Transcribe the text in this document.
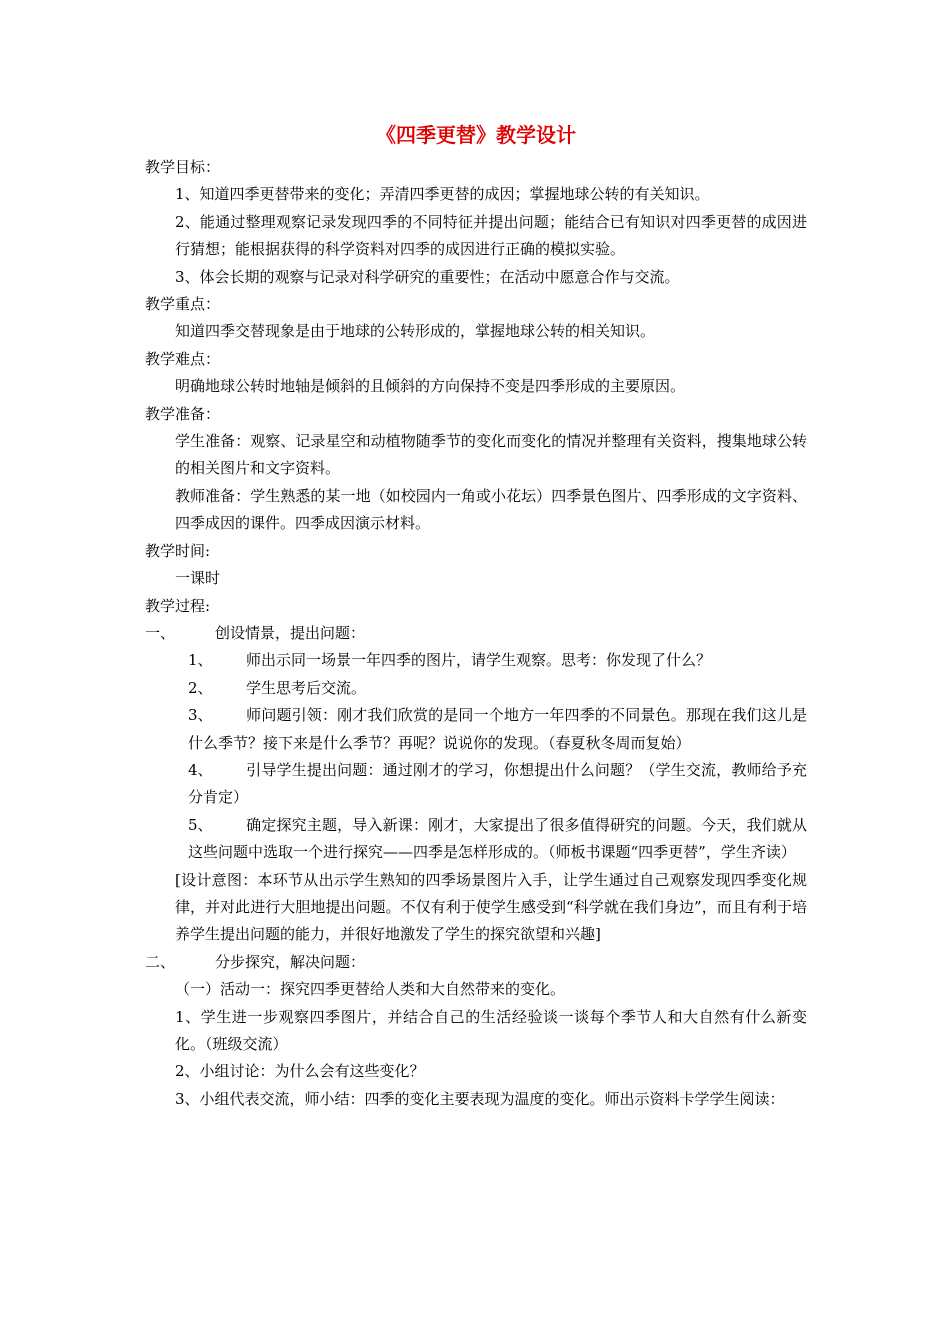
《四季更替》教学设计

教学目标：

1、知道四季更替带来的变化；弄清四季更替的成因；掌握地球公转的有关知识。

2、能通过整理观察记录发现四季的不同特征并提出问题；能结合已有知识对四季更替的成因进行猜想；能根据获得的科学资料对四季的成因进行正确的模拟实验。

3、体会长期的观察与记录对科学研究的重要性；在活动中愿意合作与交流。

教学重点：

知道四季交替现象是由于地球的公转形成的，掌握地球公转的相关知识。

教学难点：

明确地球公转时地轴是倾斜的且倾斜的方向保持不变是四季形成的主要原因。

教学准备：

学生准备：观察、记录星空和动植物随季节的变化而变化的情况并整理有关资料，搜集地球公转的相关图片和文字资料。

教师准备：学生熟悉的某一地（如校园内一角或小花坛）四季景色图片、四季形成的文字资料、四季成因的课件。四季成因演示材料。

教学时间:

一课时

教学过程:

一、	创设情景，提出问题：

1、 师出示同一场景一年四季的图片，请学生观察。思考：你发现了什么？

2、 学生思考后交流。

3、 师问题引领：刚才我们欣赏的是同一个地方一年四季的不同景色。那现在我们这儿是什么季节？接下来是什么季节？再呢？说说你的发现。（春夏秋冬周而复始）

4、 引导学生提出问题：通过刚才的学习，你想提出什么问题？（学生交流，教师给予充分肯定）

5、 确定探究主题，导入新课：刚才，大家提出了很多值得研究的问题。今天，我们就从这些问题中选取一个进行探究——四季是怎样形成的。（师板书课题“四季更替”，学生齐读）

[设计意图：本环节从出示学生熟知的四季场景图片入手，让学生通过自己观察发现四季变化规律，并对此进行大胆地提出问题。不仅有利于使学生感受到“科学就在我们身边”，而且有利于培养学生提出问题的能力，并很好地激发了学生的探究欲望和兴趣]

二、	分步探究，解决问题：

（一）活动一：探究四季更替给人类和大自然带来的变化。

1、学生进一步观察四季图片，并结合自己的生活经验谈一谈每个季节人和大自然有什么新变化。（班级交流）

2、小组讨论：为什么会有这些变化？

3、小组代表交流，师小结：四季的变化主要表现为温度的变化。师出示资料卡学学生阅读：
